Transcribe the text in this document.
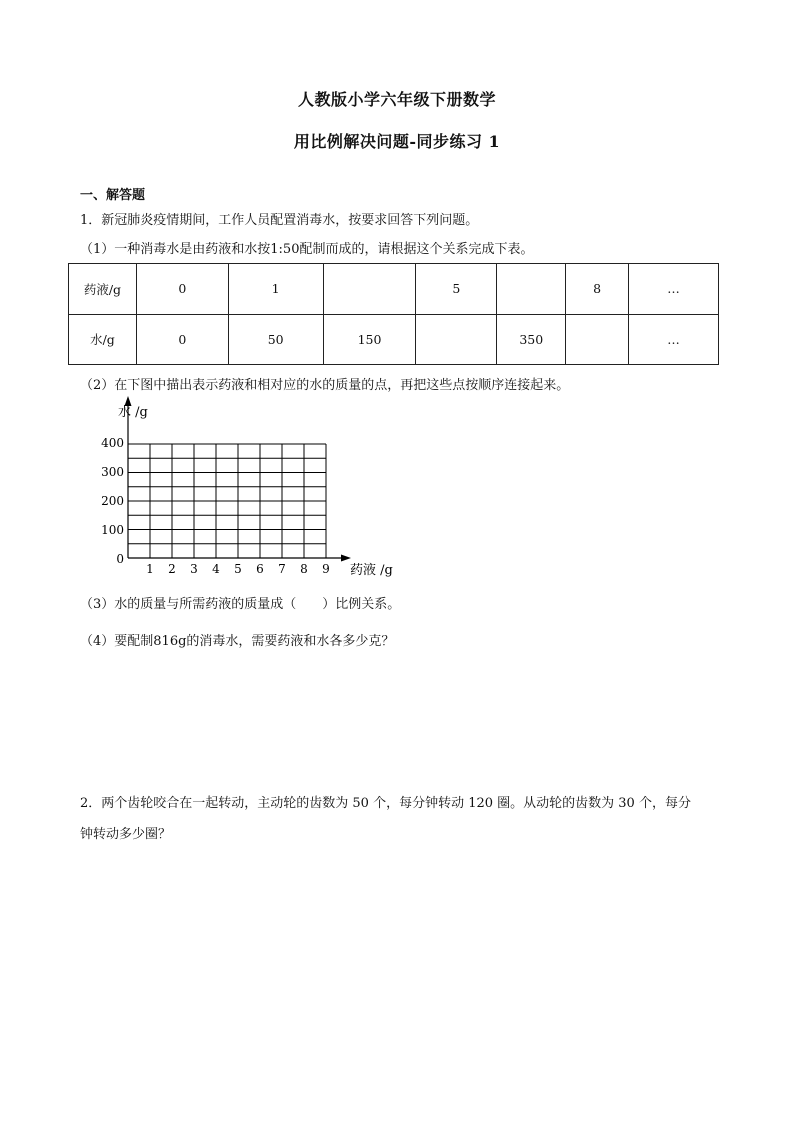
人教版小学六年级下册数学
用比例解决问题-同步练习 1
一、解答题
1．新冠肺炎疫情期间，工作人员配置消毒水，按要求回答下列问题。
（1）一种消毒水是由药液和水按1:50配制而成的，请根据这个关系完成下表。
药液/g	0	1		5		8	…
水/g	0	50	150		350		…
（2）在下图中描出表示药液和相对应的水的质量的点，再把这些点按顺序连接起来。
水 /g
药液 /g
400
300
200
100
0
1 2 3 4 5 6 7 8 9
（3）水的质量与所需药液的质量成（　　）比例关系。
（4）要配制816g的消毒水，需要药液和水各多少克？
2．两个齿轮咬合在一起转动，主动轮的齿数为 50 个，每分钟转动 120 圈。从动轮的齿数为 30 个，每分
钟转动多少圈？
